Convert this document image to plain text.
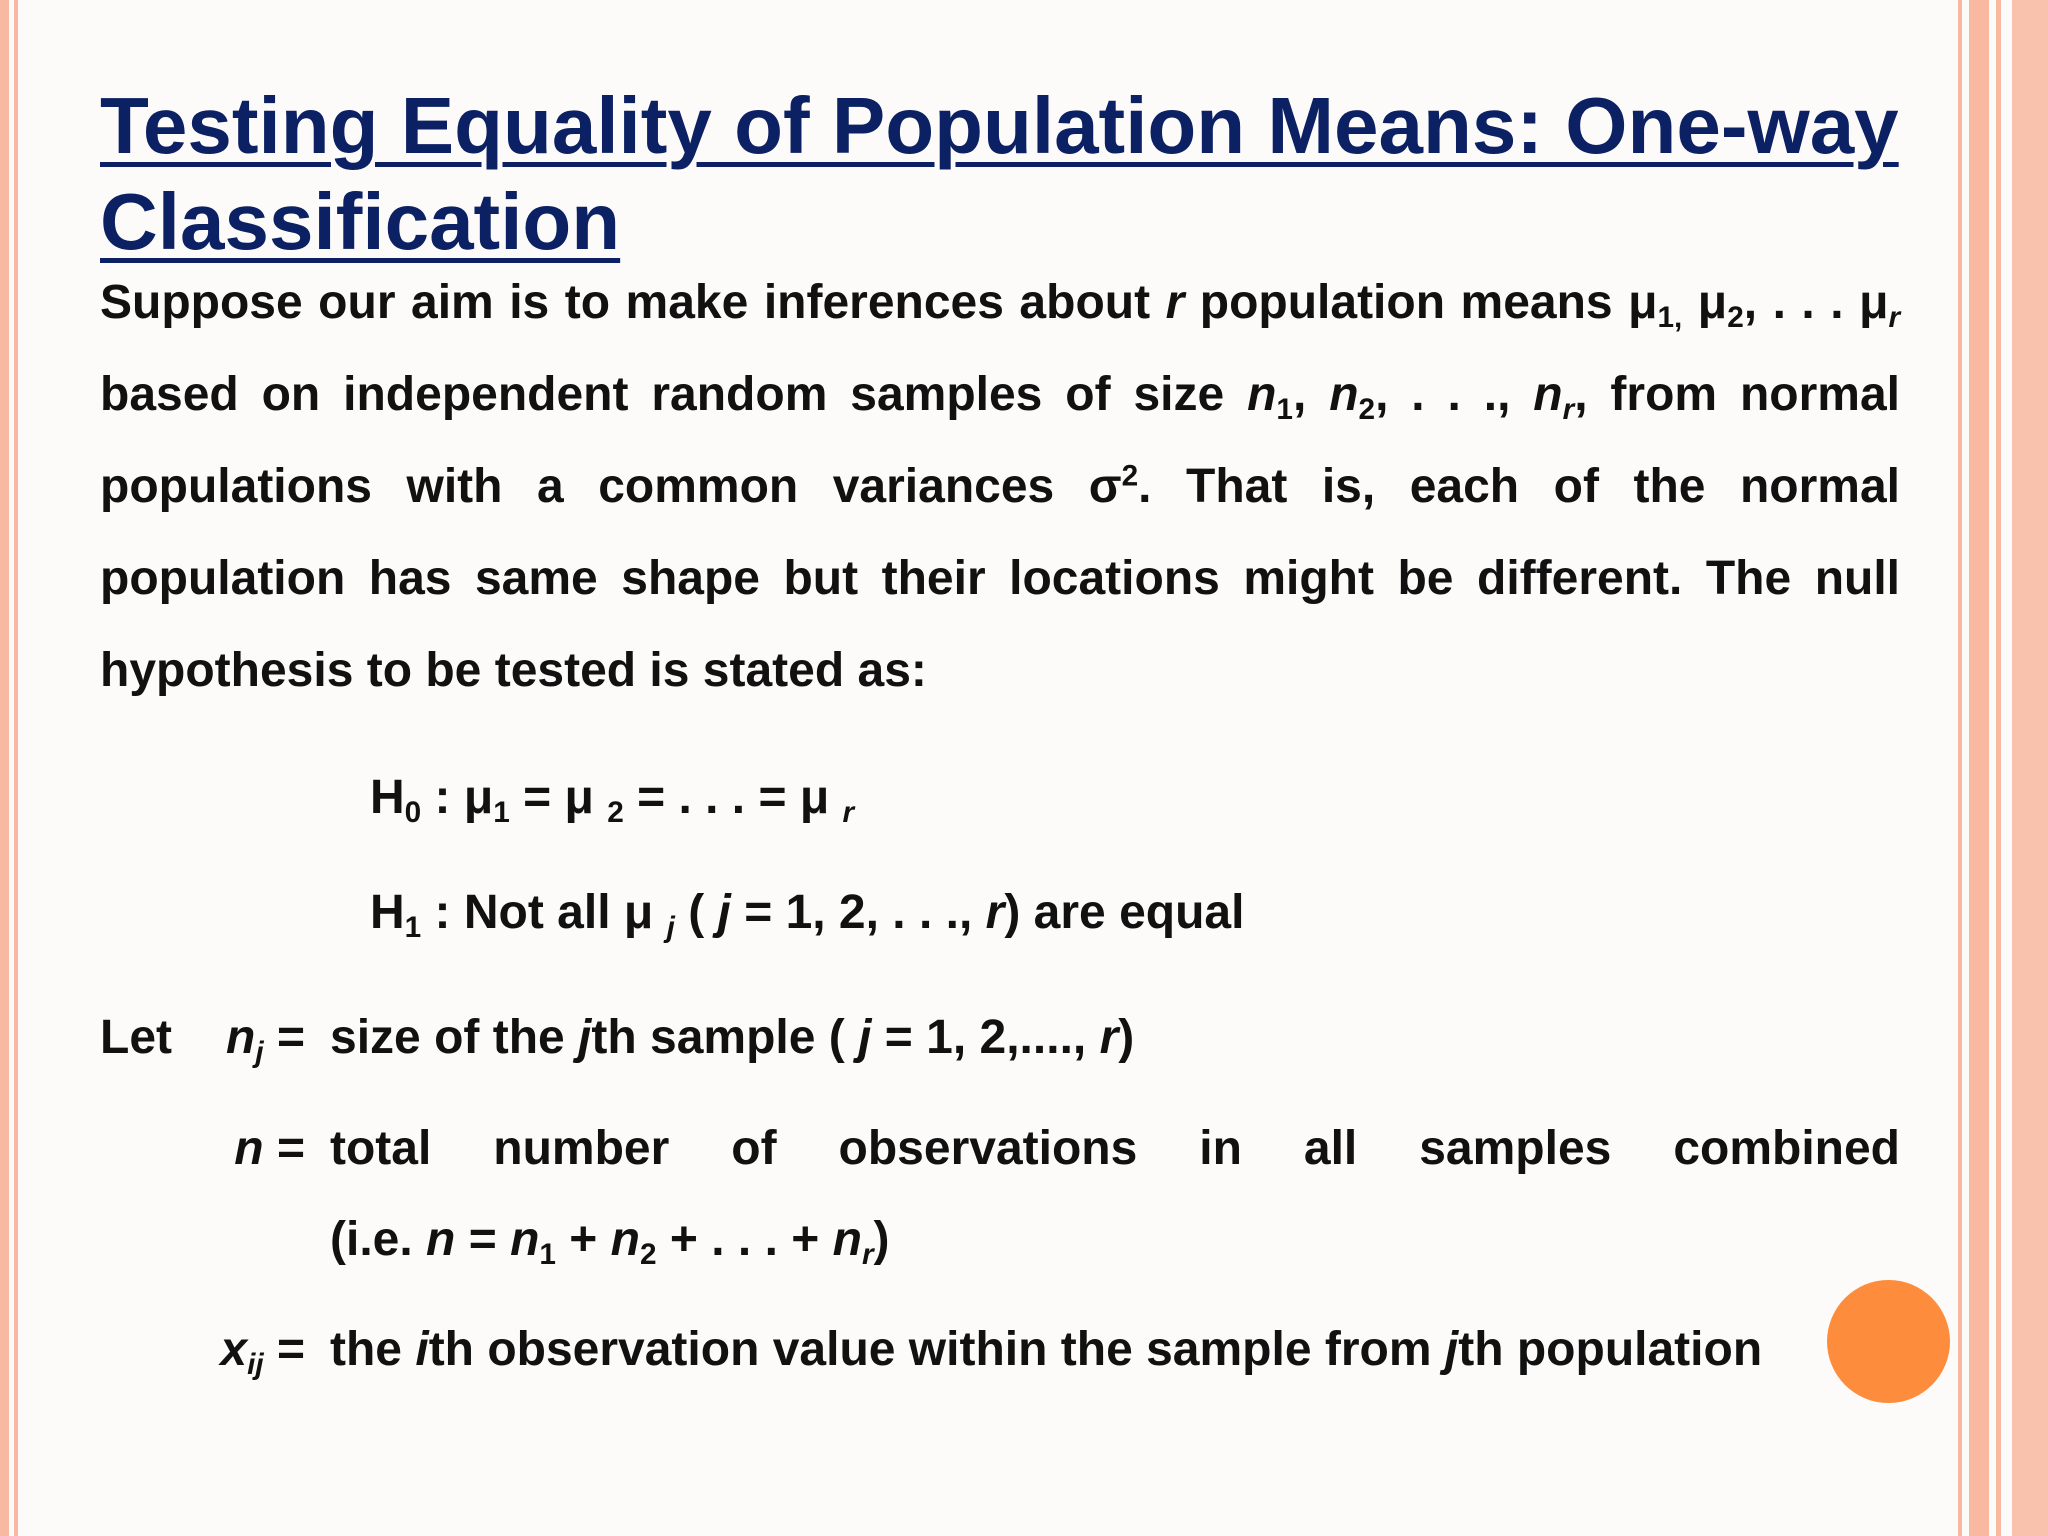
Testing Equality of Population Means: One-way Classification

Suppose our aim is to make inferences about r population means $\mu_{1,}$ $\mu_2$, . . . $\mu_r$ based on independent random samples of size $n_1$, $n_2$, . . ., $n_r$, from normal populations with a common variances $\sigma^2$. That is, each of the normal population has same shape but their locations might be different. The null hypothesis to be tested is stated as:

$H_0$ : $\mu_1 = \mu$ $_2$ = . . . = μ $_r$
$H_1$ : Not all μ $_j$ ( j = 1, 2, . . ., r) are equal
Let	$n_j$ = size of the jth sample ( j = 1, 2,...., r)

n = total number of observations in all samples combined

(i.e. $n = n_1 + n_2$ + . . . + $n_r$)

$x_{ij}$ = the ith observation value within the sample from jth population
